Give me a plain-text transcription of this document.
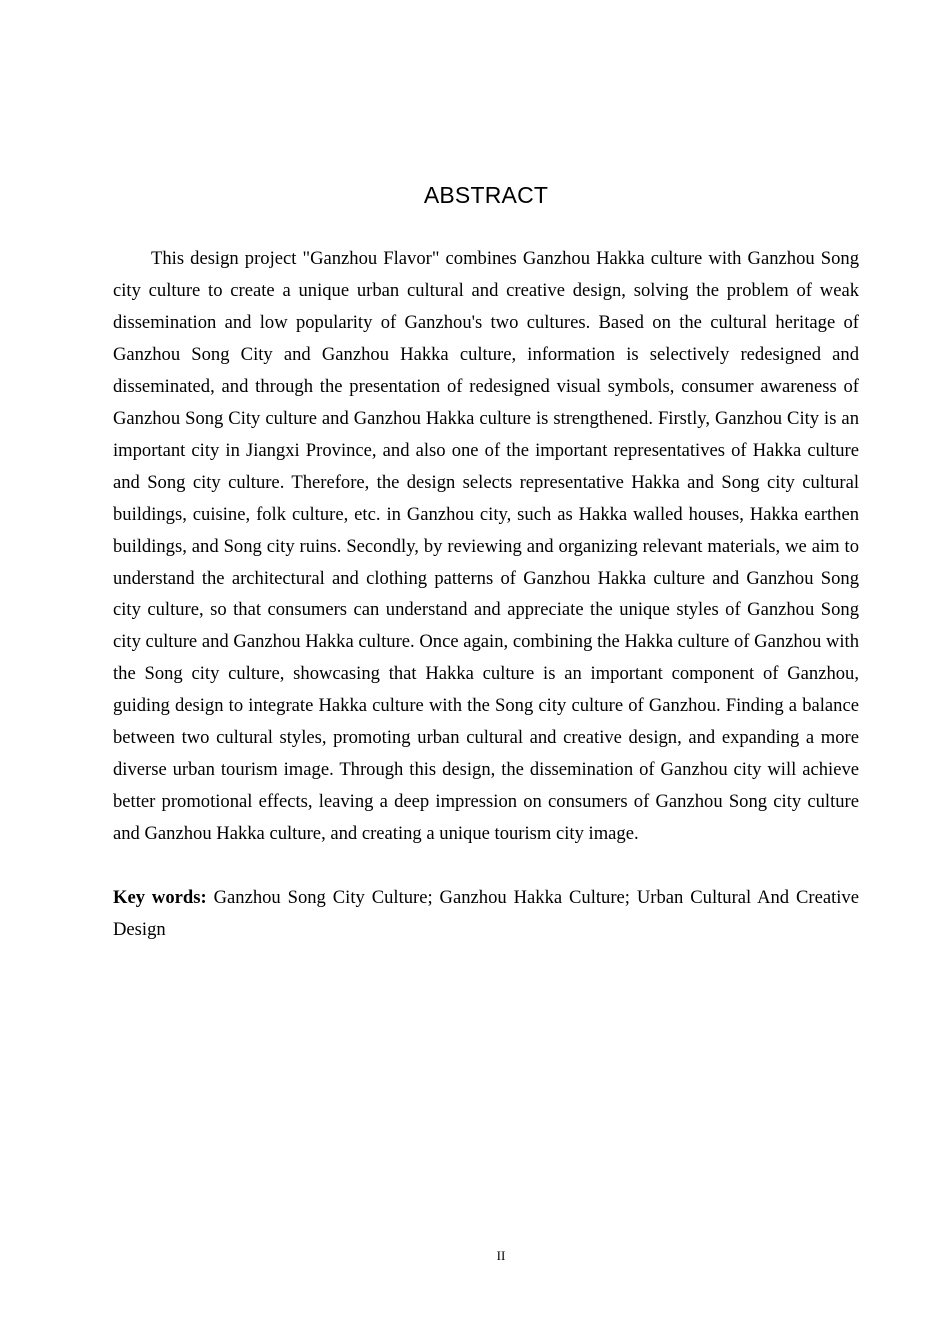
ABSTRACT

This design project "Ganzhou Flavor" combines Ganzhou Hakka culture with Ganzhou Song city culture to create a unique urban cultural and creative design, solving the problem of weak dissemination and low popularity of Ganzhou's two cultures. Based on the cultural heritage of Ganzhou Song City and Ganzhou Hakka culture, information is selectively redesigned and disseminated, and through the presentation of redesigned visual symbols, consumer awareness of Ganzhou Song City culture and Ganzhou Hakka culture is strengthened. Firstly, Ganzhou City is an important city in Jiangxi Province, and also one of the important representatives of Hakka culture and Song city culture. Therefore, the design selects representative Hakka and Song city cultural buildings, cuisine, folk culture, etc. in Ganzhou city, such as Hakka walled houses, Hakka earthen buildings, and Song city ruins. Secondly, by reviewing and organizing relevant materials, we aim to understand the architectural and clothing patterns of Ganzhou Hakka culture and Ganzhou Song city culture, so that consumers can understand and appreciate the unique styles of Ganzhou Song city culture and Ganzhou Hakka culture. Once again, combining the Hakka culture of Ganzhou with the Song city culture, showcasing that Hakka culture is an important component of Ganzhou, guiding design to integrate Hakka culture with the Song city culture of Ganzhou. Finding a balance between two cultural styles, promoting urban cultural and creative design, and expanding a more diverse urban tourism image. Through this design, the dissemination of Ganzhou city will achieve better promotional effects, leaving a deep impression on consumers of Ganzhou Song city culture and Ganzhou Hakka culture, and creating a unique tourism city image.

Key words: Ganzhou Song City Culture; Ganzhou Hakka Culture; Urban Cultural And Creative Design

II
